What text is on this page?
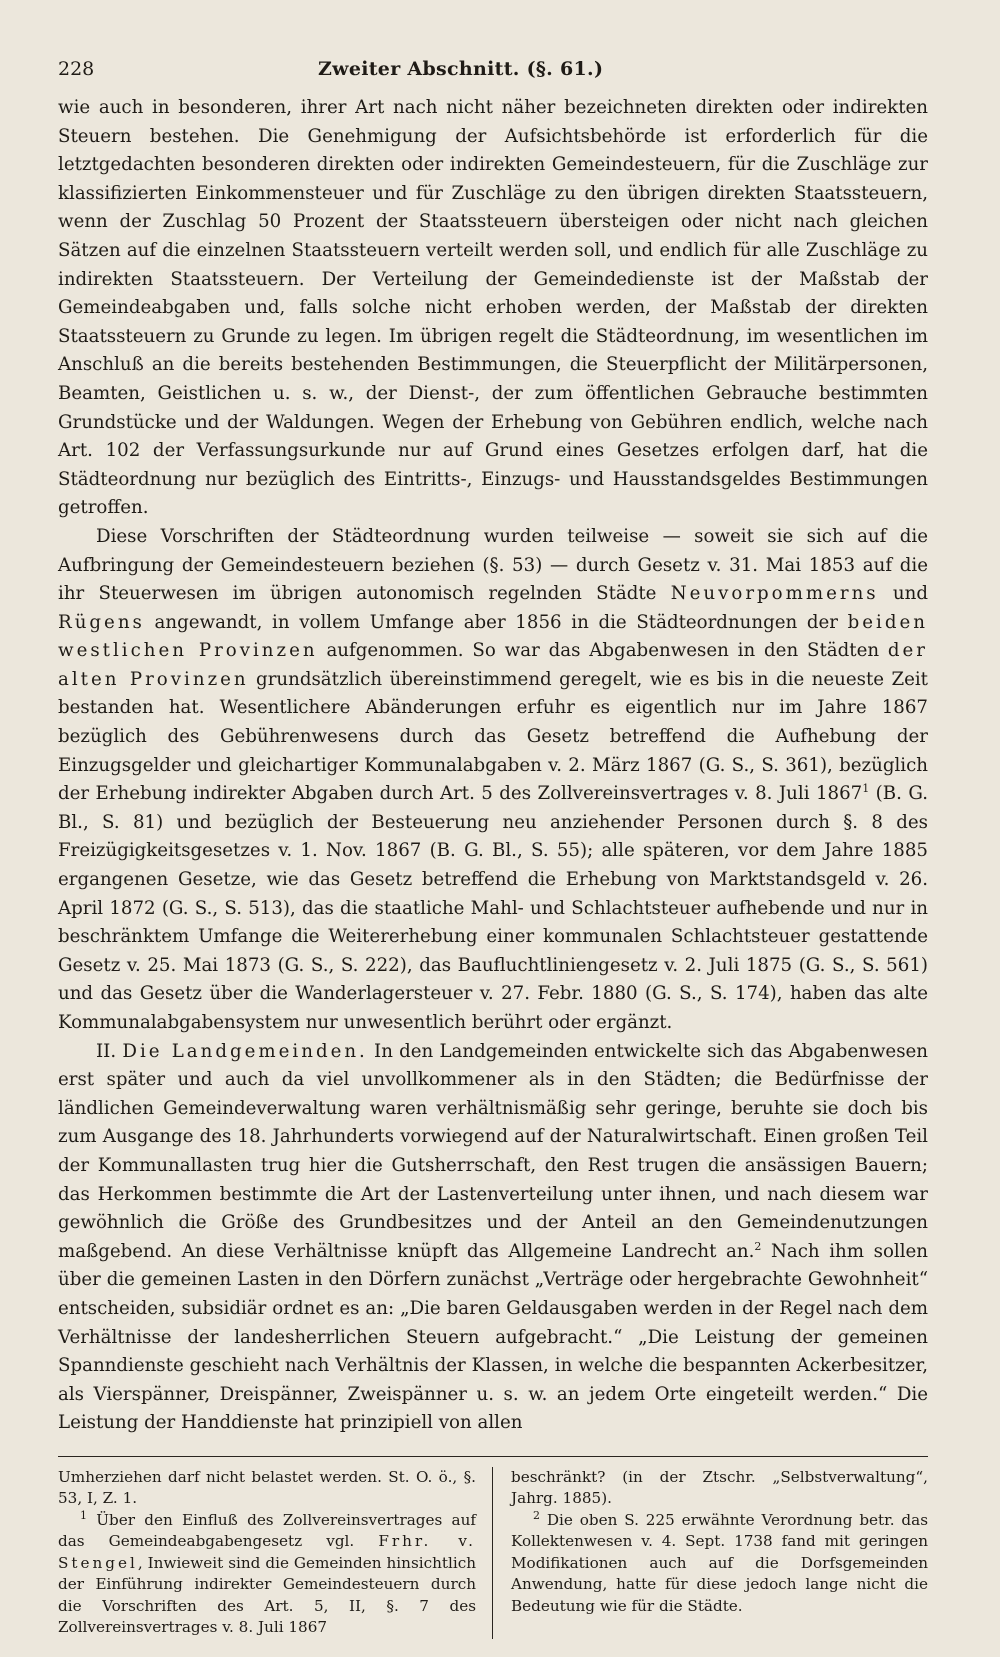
228	Zweiter Abschnitt. (§. 61.)

wie auch in besonderen, ihrer Art nach nicht näher bezeichneten direkten oder indirekten Steuern bestehen. Die Genehmigung der Aufsichtsbehörde ist erforderlich für die letztgedachten besonderen direkten oder indirekten Gemeindesteuern, für die Zuschläge zur klassifizierten Einkommensteuer und für Zuschläge zu den übrigen direkten Staatssteuern, wenn der Zuschlag 50 Prozent der Staatssteuern übersteigen oder nicht nach gleichen Sätzen auf die einzelnen Staatssteuern verteilt werden soll, und endlich für alle Zuschläge zu indirekten Staatssteuern. Der Verteilung der Gemeindedienste ist der Maßstab der Gemeindeabgaben und, falls solche nicht erhoben werden, der Maßstab der direkten Staatssteuern zu Grunde zu legen. Im übrigen regelt die Städteordnung, im wesentlichen im Anschluß an die bereits bestehenden Bestimmungen, die Steuerpflicht der Militärpersonen, Beamten, Geistlichen u. s. w., der Dienst-, der zum öffentlichen Gebrauche bestimmten Grundstücke und der Waldungen. Wegen der Erhebung von Gebühren endlich, welche nach Art. 102 der Verfassungsurkunde nur auf Grund eines Gesetzes erfolgen darf, hat die Städteordnung nur bezüglich des Eintritts-, Einzugs- und Hausstandsgeldes Bestimmungen getroffen.

Diese Vorschriften der Städteordnung wurden teilweise — soweit sie sich auf die Aufbringung der Gemeindesteuern beziehen (§. 53) — durch Gesetz v. 31. Mai 1853 auf die ihr Steuerwesen im übrigen autonomisch regelnden Städte Neuvorpommerns und Rügens angewandt, in vollem Umfange aber 1856 in die Städteordnungen der beiden westlichen Provinzen aufgenommen. So war das Abgabenwesen in den Städten der alten Provinzen grundsätzlich übereinstimmend geregelt, wie es bis in die neueste Zeit bestanden hat. Wesentlichere Abänderungen erfuhr es eigentlich nur im Jahre 1867 bezüglich des Gebührenwesens durch das Gesetz betreffend die Aufhebung der Einzugsgelder und gleichartiger Kommunalabgaben v. 2. März 1867 (G. S., S. 361), bezüglich der Erhebung indirekter Abgaben durch Art. 5 des Zollvereinsvertrages v. 8. Juli 1867$^1$ (B. G. Bl., S. 81) und bezüglich der Besteuerung neu anziehender Personen durch §. 8 des Freizügigkeitsgesetzes v. 1. Nov. 1867 (B. G. Bl., S. 55); alle späteren, vor dem Jahre 1885 ergangenen Gesetze, wie das Gesetz betreffend die Erhebung von Marktstandsgeld v. 26. April 1872 (G. S., S. 513), das die staatliche Mahl- und Schlachtsteuer aufhebende und nur in beschränktem Umfange die Weitererhebung einer kommunalen Schlachtsteuer gestattende Gesetz v. 25. Mai 1873 (G. S., S. 222), das Baufluchtliniengesetz v. 2. Juli 1875 (G. S., S. 561) und das Gesetz über die Wanderlagersteuer v. 27. Febr. 1880 (G. S., S. 174), haben das alte Kommunalabgabensystem nur unwesentlich berührt oder ergänzt.

II. Die Landgemeinden. In den Landgemeinden entwickelte sich das Abgabenwesen erst später und auch da viel unvollkommener als in den Städten; die Bedürfnisse der ländlichen Gemeindeverwaltung waren verhältnismäßig sehr geringe, beruhte sie doch bis zum Ausgange des 18. Jahrhunderts vorwiegend auf der Naturalwirtschaft. Einen großen Teil der Kommunallasten trug hier die Gutsherrschaft, den Rest trugen die ansässigen Bauern; das Herkommen bestimmte die Art der Lastenverteilung unter ihnen, und nach diesem war gewöhnlich die Größe des Grundbesitzes und der Anteil an den Gemeindenutzungen maßgebend. An diese Verhältnisse knüpft das Allgemeine Landrecht an.$^2$ Nach ihm sollen über die gemeinen Lasten in den Dörfern zunächst „Verträge oder hergebrachte Gewohnheit“ entscheiden, subsidiär ordnet es an: „Die baren Geldausgaben werden in der Regel nach dem Verhältnisse der landesherrlichen Steuern aufgebracht.“ „Die Leistung der gemeinen Spanndienste geschieht nach Verhältnis der Klassen, in welche die bespannten Ackerbesitzer, als Vierspänner, Dreispänner, Zweispänner u. s. w. an jedem Orte eingeteilt werden.“ Die Leistung der Handdienste hat prinzipiell von allen

Umherziehen darf nicht belastet werden. St. O. ö., §. 53, I, Z. 1.

$^1$ Über den Einfluß des Zollvereinsvertrages auf das Gemeindeabgabengesetz vgl. Frhr. v. Stengel, Inwieweit sind die Gemeinden hinsichtlich der Einführung indirekter Gemeindesteuern durch die Vorschriften des Art. 5, II, §. 7 des Zollvereinsvertrages v. 8. Juli 1867

beschränkt? (in der Ztschr. „Selbstverwaltung“, Jahrg. 1885).

$^2$ Die oben S. 225 erwähnte Verordnung betr. das Kollektenwesen v. 4. Sept. 1738 fand mit geringen Modifikationen auch auf die Dorfsgemeinden Anwendung, hatte für diese jedoch lange nicht die Bedeutung wie für die Städte.
